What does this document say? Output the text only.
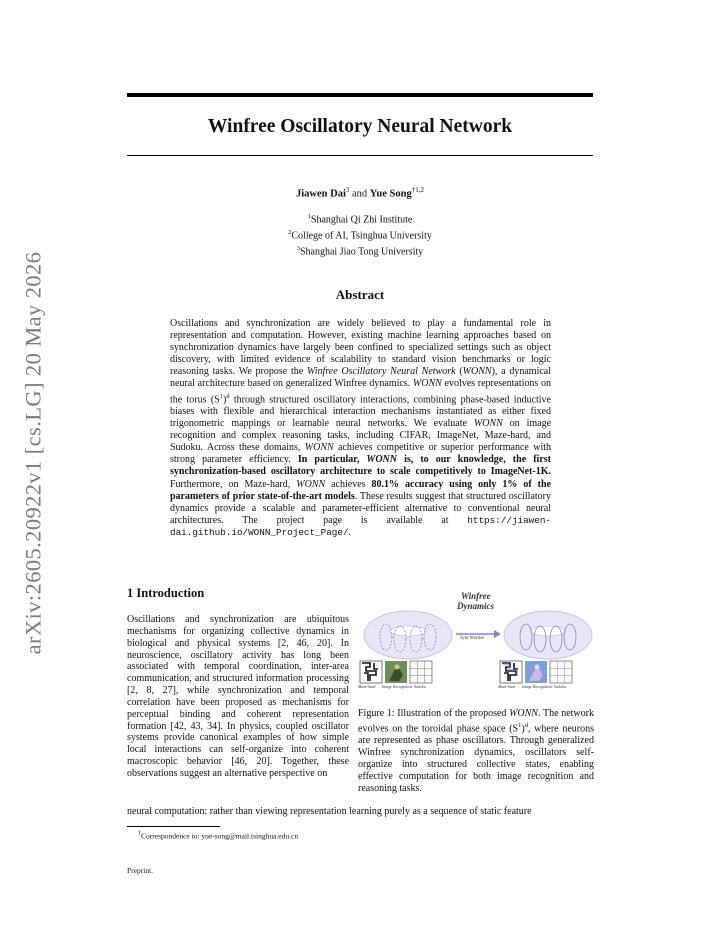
arXiv:2605.20922v1 [cs.LG] 20 May 2026
Winfree Oscillatory Neural Network
Jiawen Dai$^3$ and Yue Song$^{\dagger 1,2}$
$^1$Shanghai Qi Zhi Institute
$^2$College of AI, Tsinghua University
$^3$Shanghai Jiao Tong University
Abstract

Oscillations and synchronization are widely believed to play a fundamental role in representation and computation. However, existing machine learning approaches based on synchronization dynamics have largely been confined to specialized settings such as object discovery, with limited evidence of scalability to standard vision benchmarks or logic reasoning tasks. We propose the Winfree Oscillatory Neural Network (WONN), a dynamical neural architecture based on generalized Winfree dynamics. WONN evolves representations on the torus $(S^1)^d$ through structured oscillatory interactions, combining phase-based inductive biases with flexible and hierarchical interaction mechanisms instantiated as either fixed trigonometric mappings or learnable neural networks. We evaluate WONN on image recognition and complex reasoning tasks, including CIFAR, ImageNet, Maze-hard, and Sudoku. Across these domains, WONN achieves competitive or superior performance with strong parameter efficiency. In particular, WONN is, to our knowledge, the first synchronization-based oscillatory architecture to scale competitively to ImageNet-1K. Furthermore, on Maze-hard, WONN achieves 80.1% accuracy using only 1% of the parameters of prior state-of-the-art models. These results suggest that structured oscillatory dynamics provide a scalable and parameter-efficient alternative to conventional neural architectures. The project page is available at https://jiawen-dai.github.io/WONN_Project_Page/.

1 Introduction

Oscillations and synchronization are ubiquitous mechanisms for organizing collective dynamics in biological and physical systems [2, 46, 20]. In neuroscience, oscillatory activity has long been associated with temporal coordination, inter-area communication, and structured information processing [2, 8, 27], while synchronization and temporal correlation have been proposed as mechanisms for perceptual binding and coherent representation formation [42, 43, 34]. In physics, coupled oscillator systems provide canonical examples of how simple local interactions can self-organize into coherent macroscopic behavior [46, 20]. Together, these observations suggest an alternative perspective on

neural computation: rather than viewing representation learning purely as a sequence of static feature

Winfree
Dynamics
Synchronize
Maze-hard Image Recognition Sudoku	Maze-hard Image Recognition Sudoku

Figure 1: Illustration of the proposed WONN. The network evolves on the toroidal phase space $(S^1)^d$, where neurons are represented as phase oscillators. Through generalized Winfree synchronization dynamics, oscillators self-organize into structured collective states, enabling effective computation for both image recognition and reasoning tasks.

†Correspondence to: yue-song@mail.tsinghua.edu.cn

Preprint.
